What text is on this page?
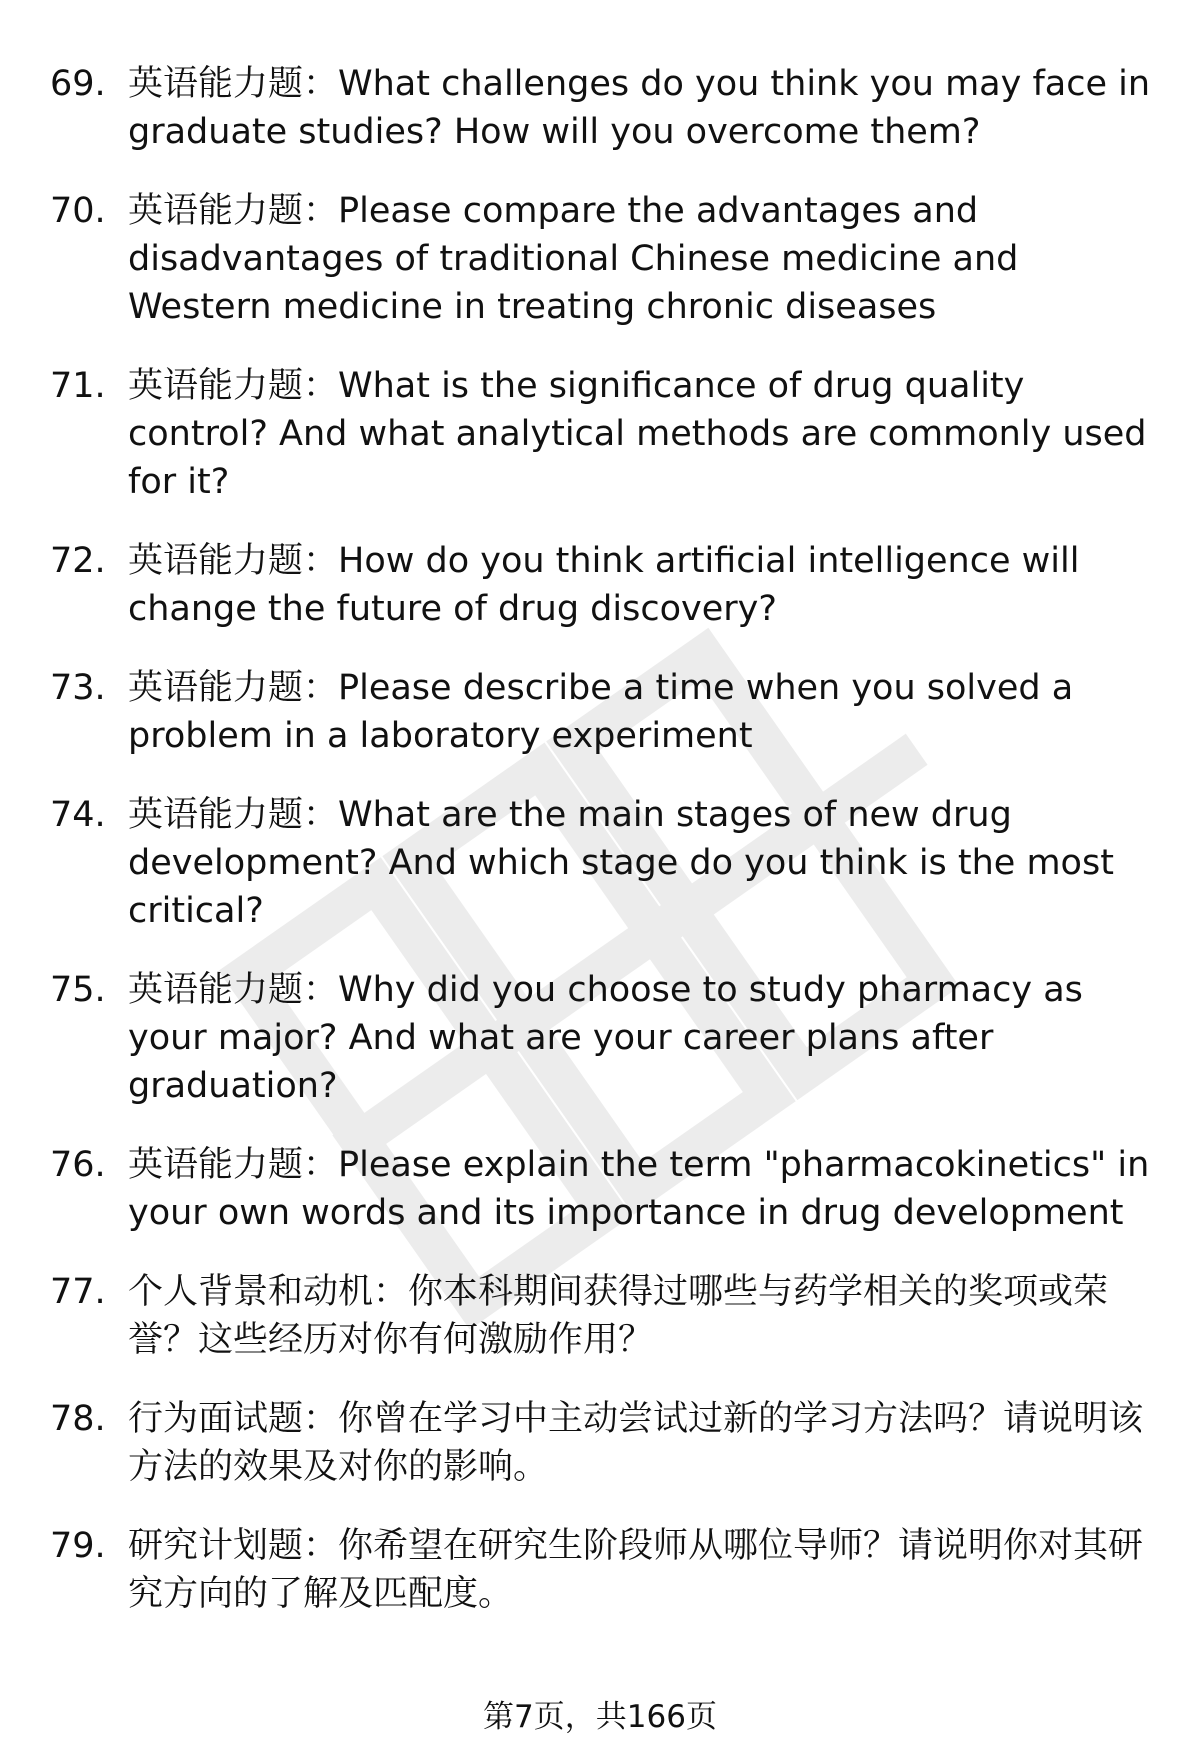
69. 英语能力题：What challenges do you think you may face in graduate studies? How will you overcome them?
70. 英语能力题：Please compare the advantages and disadvantages of traditional Chinese medicine and Western medicine in treating chronic diseases
71. 英语能力题：What is the significance of drug quality control? And what analytical methods are commonly used for it?
72. 英语能力题：How do you think artificial intelligence will change the future of drug discovery?
73. 英语能力题：Please describe a time when you solved a problem in a laboratory experiment
74. 英语能力题：What are the main stages of new drug development? And which stage do you think is the most critical?
75. 英语能力题：Why did you choose to study pharmacy as your major? And what are your career plans after graduation?
76. 英语能力题：Please explain the term "pharmacokinetics" in your own words and its importance in drug development
77. 个人背景和动机：你本科期间获得过哪些与药学相关的奖项或荣誉？这些经历对你有何激励作用？
78. 行为面试题：你曾在学习中主动尝试过新的学习方法吗？请说明该方法的效果及对你的影响。
79. 研究计划题：你希望在研究生阶段师从哪位导师？请说明你对其研究方向的了解及匹配度。
第7页，共166页
